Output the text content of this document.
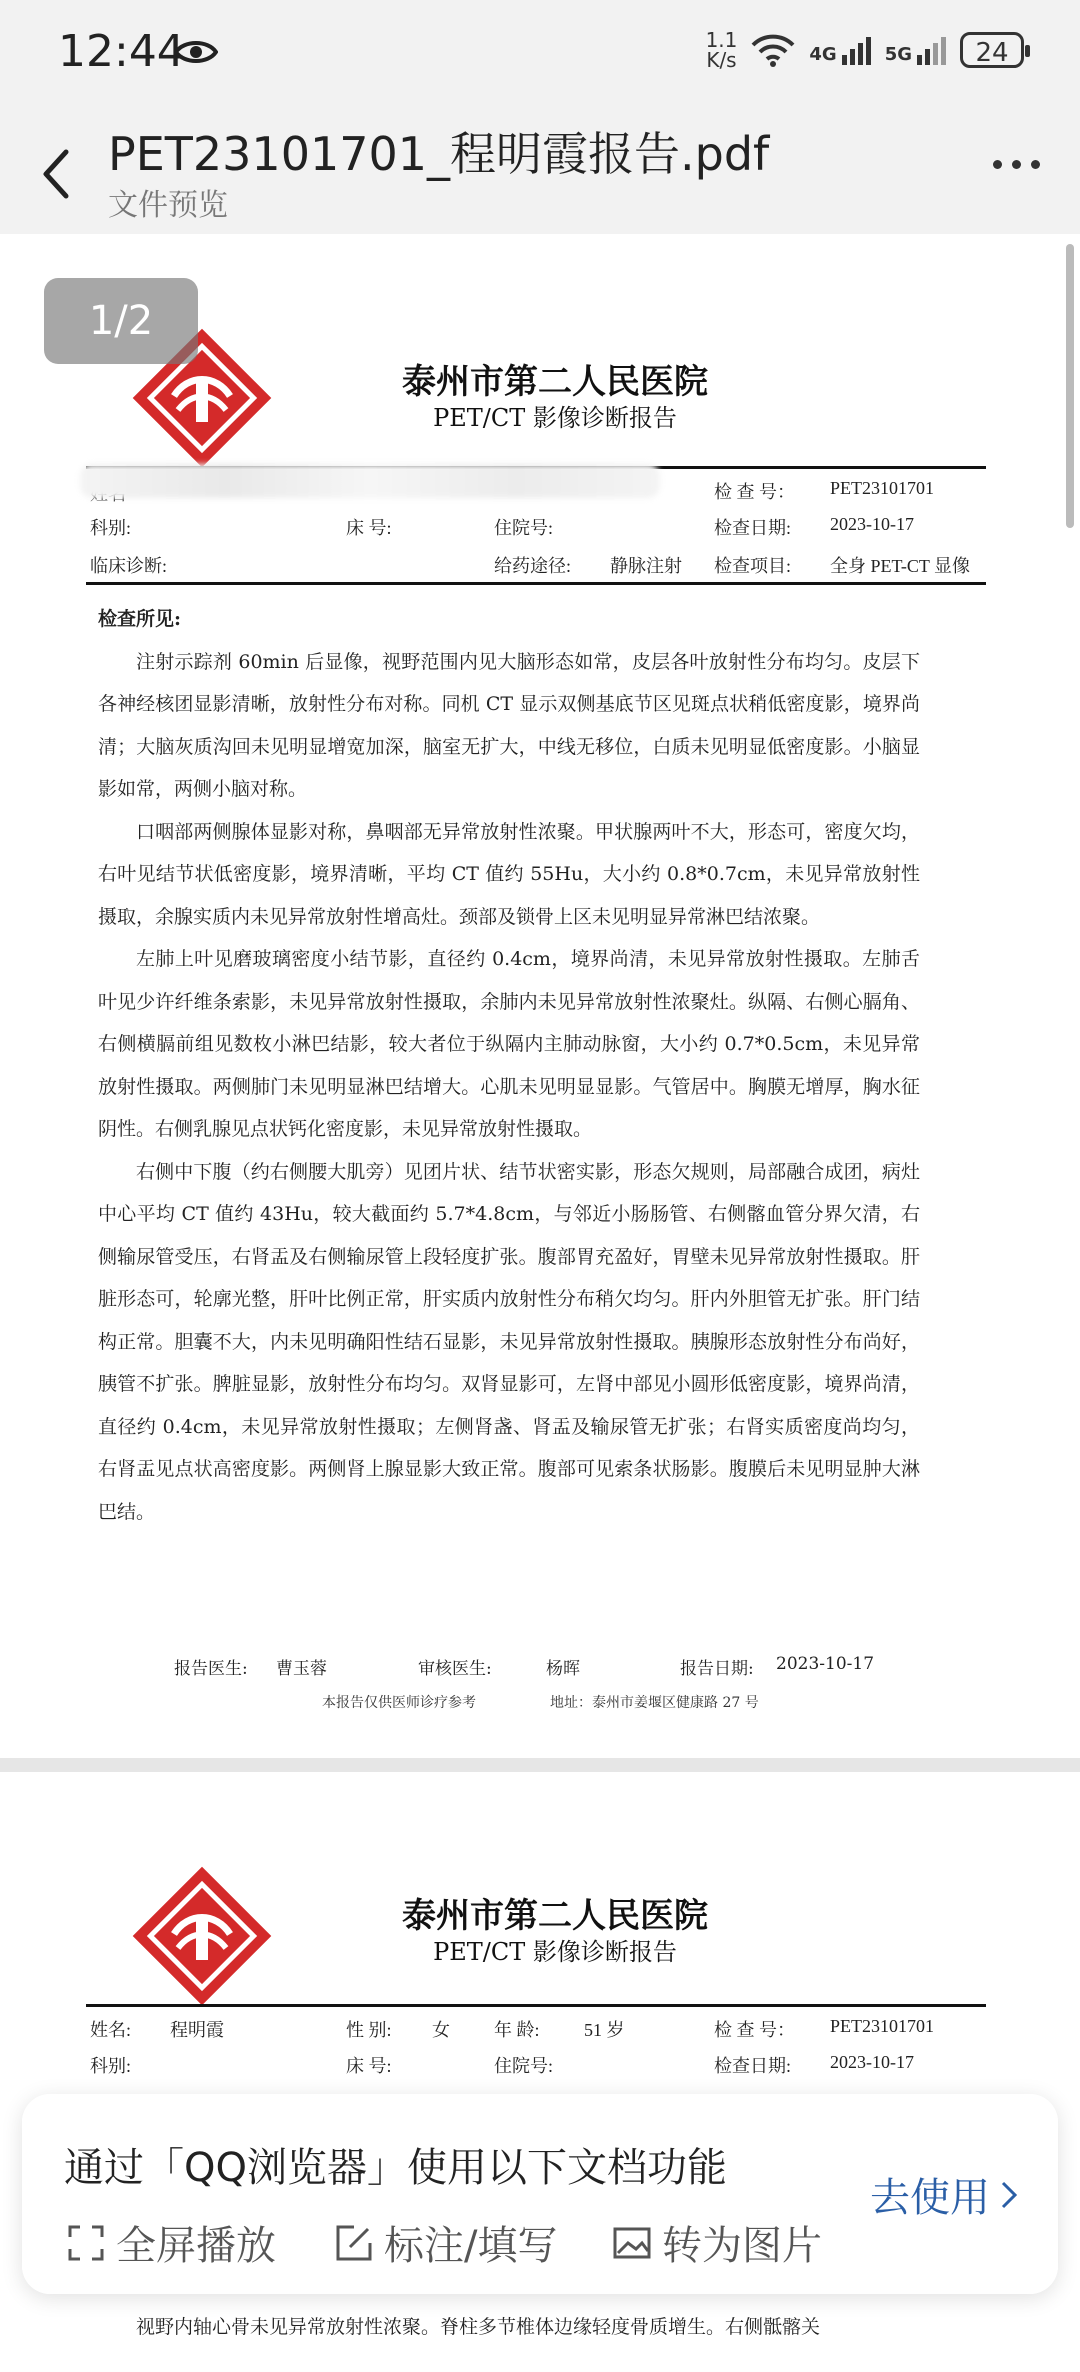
12:44	1.1
K/s	4G	5G	24
PET23101701_程明霞报告.pdf
文件预览
1/2
泰州市第二人民医院
PET/CT 影像诊断报告
检 查 号： PET23101701
科别:	床 号:	住院号:	检查日期: 2023-10-17
临床诊断:	给药途径: 静脉注射 检查项目: 全身 PET-CT 显像
检查所见:

注射示踪剂 60min 后显像，视野范围内见大脑形态如常，皮层各叶放射性分布均匀。皮层下各神经核团显影清晰，放射性分布对称。同机 CT 显示双侧基底节区见斑点状稍低密度影，境界尚清；大脑灰质沟回未见明显增宽加深，脑室无扩大，中线无移位，白质未见明显低密度影。小脑显影如常，两侧小脑对称。

口咽部两侧腺体显影对称，鼻咽部无异常放射性浓聚。甲状腺两叶不大，形态可，密度欠均，右叶见结节状低密度影，境界清晰，平均 CT 值约 55Hu，大小约 0.8*0.7cm，未见异常放射性摄取，余腺实质内未见异常放射性增高灶。颈部及锁骨上区未见明显异常淋巴结浓聚。

左肺上叶见磨玻璃密度小结节影，直径约 0.4cm，境界尚清，未见异常放射性摄取。左肺舌叶见少许纤维条索影，未见异常放射性摄取，余肺内未见异常放射性浓聚灶。纵隔、右侧心膈角、右侧横膈前组见数枚小淋巴结影，较大者位于纵隔内主肺动脉窗，大小约 0.7*0.5cm，未见异常放射性摄取。两侧肺门未见明显淋巴结增大。心肌未见明显显影。气管居中。胸膜无增厚，胸水征阴性。右侧乳腺见点状钙化密度影，未见异常放射性摄取。

右侧中下腹（约右侧腰大肌旁）见团片状、结节状密实影，形态欠规则，局部融合成团，病灶中心平均 CT 值约 43Hu，较大截面约 5.7*4.8cm，与邻近小肠肠管、右侧髂血管分界欠清，右侧输尿管受压，右肾盂及右侧输尿管上段轻度扩张。腹部胃充盈好，胃壁未见异常放射性摄取。肝脏形态可，轮廓光整，肝叶比例正常，肝实质内放射性分布稍欠均匀。肝内外胆管无扩张。肝门结构正常。胆囊不大，内未见明确阳性结石显影，未见异常放射性摄取。胰腺形态放射性分布尚好，胰管不扩张。脾脏显影，放射性分布均匀。双肾显影可，左肾中部见小圆形低密度影，境界尚清，直径约 0.4cm，未见异常放射性摄取；左侧肾盏、肾盂及输尿管无扩张；右肾实质密度尚均匀，右肾盂见点状高密度影。两侧肾上腺显影大致正常。腹部可见索条状肠影。腹膜后未见明显肿大淋巴结。

报告医生: 曹玉蓉	审核医生:	杨晖	报告日期: 2023-10-17
本报告仅供医师诊疗参考	地址：泰州市姜堰区健康路 27 号
泰州市第二人民医院
PET/CT 影像诊断报告
姓名: 程明霞	性 别: 女 年 龄: 51 岁	检 查 号： PET23101701
科别:	床 号:	住院号:	检查日期: 2023-10-17

视野内轴心骨未见异常放射性浓聚。脊柱多节椎体边缘轻度骨质增生。右侧骶髂关

通过「QQ浏览器」使用以下文档功能
全屏播放	标注/填写	转为图片
去使用
